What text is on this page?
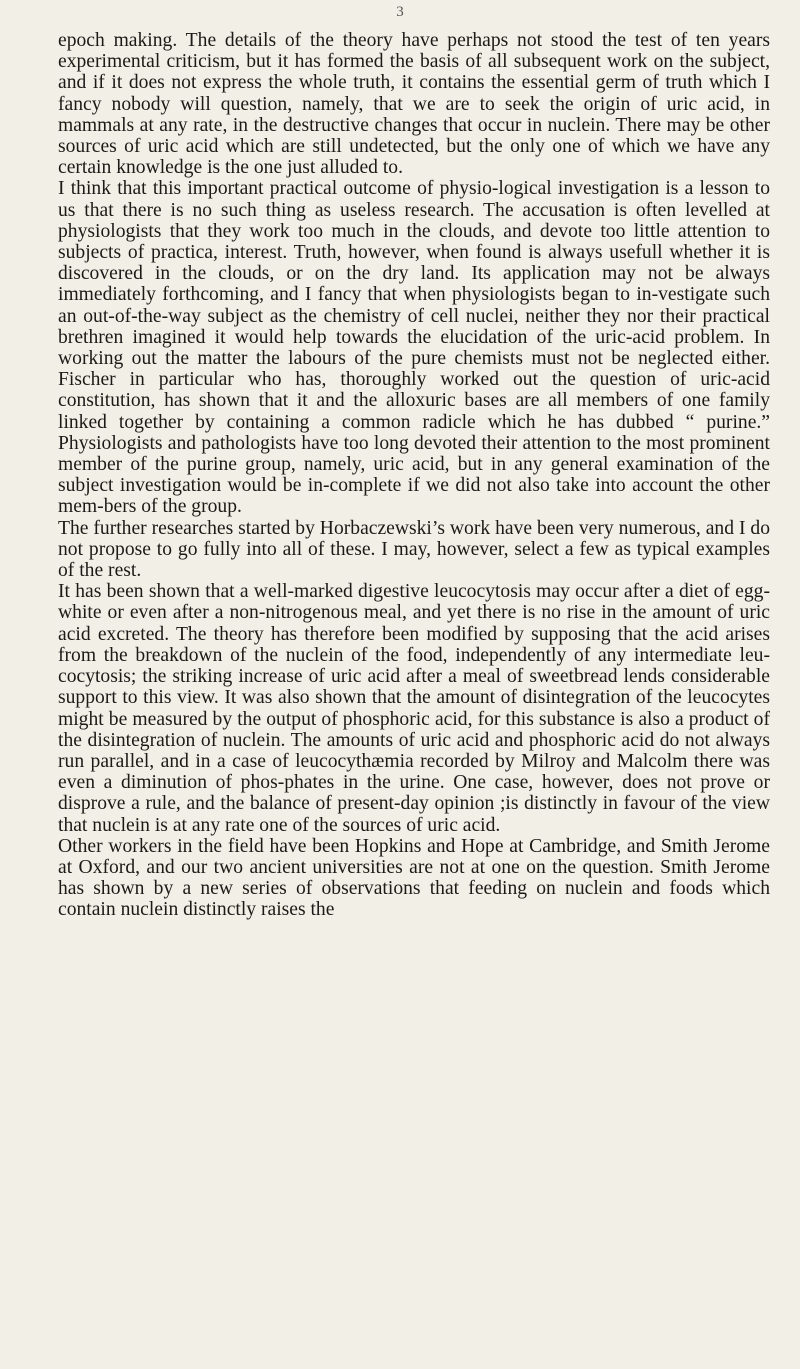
3

epoch making. The details of the theory have perhaps not stood the test of ten years experimental criticism, but it has formed the basis of all subsequent work on the subject, and if it does not express the whole truth, it contains the essential germ of truth which I fancy nobody will question, namely, that we are to seek the origin of uric acid, in mammals at any rate, in the destructive changes that occur in nuclein. There may be other sources of uric acid which are still undetected, but the only one of which we have any certain knowledge is the one just alluded to.

I think that this important practical outcome of physio-logical investigation is a lesson to us that there is no such thing as useless research. The accusation is often levelled at physiologists that they work too much in the clouds, and devote too little attention to subjects of practica, interest. Truth, however, when found is always usefull whether it is discovered in the clouds, or on the dry land. Its application may not be always immediately forthcoming, and I fancy that when physiologists began to in-vestigate such an out-of-the-way subject as the chemistry of cell nuclei, neither they nor their practical brethren imagined it would help towards the elucidation of the uric-acid problem. In working out the matter the labours of the pure chemists must not be neglected either. Fischer in particular who has, thoroughly worked out the question of uric-acid constitution, has shown that it and the alloxuric bases are all members of one family linked together by containing a common radicle which he has dubbed “ purine.” Physiologists and pathologists have too long devoted their attention to the most prominent member of the purine group, namely, uric acid, but in any general examination of the subject investigation would be in-complete if we did not also take into account the other mem-bers of the group.

The further researches started by Horbaczewski’s work have been very numerous, and I do not propose to go fully into all of these. I may, however, select a few as typical examples of the rest.

It has been shown that a well-marked digestive leucocytosis may occur after a diet of egg-white or even after a non-nitrogenous meal, and yet there is no rise in the amount of uric acid excreted. The theory has therefore been modified by supposing that the acid arises from the breakdown of the nuclein of the food, independently of any intermediate leu-cocytosis; the striking increase of uric acid after a meal of sweetbread lends considerable support to this view. It was also shown that the amount of disintegration of the leucocytes might be measured by the output of phosphoric acid, for this substance is also a product of the disintegration of nuclein. The amounts of uric acid and phosphoric acid do not always run parallel, and in a case of leucocythæmia recorded by Milroy and Malcolm there was even a diminution of phos-phates in the urine. One case, however, does not prove or disprove a rule, and the balance of present-day opinion ;is distinctly in favour of the view that nuclein is at any rate one of the sources of uric acid.

Other workers in the field have been Hopkins and Hope at Cambridge, and Smith Jerome at Oxford, and our two ancient universities are not at one on the question. Smith Jerome has shown by a new series of observations that feeding on nuclein and foods which contain nuclein distinctly raises the
